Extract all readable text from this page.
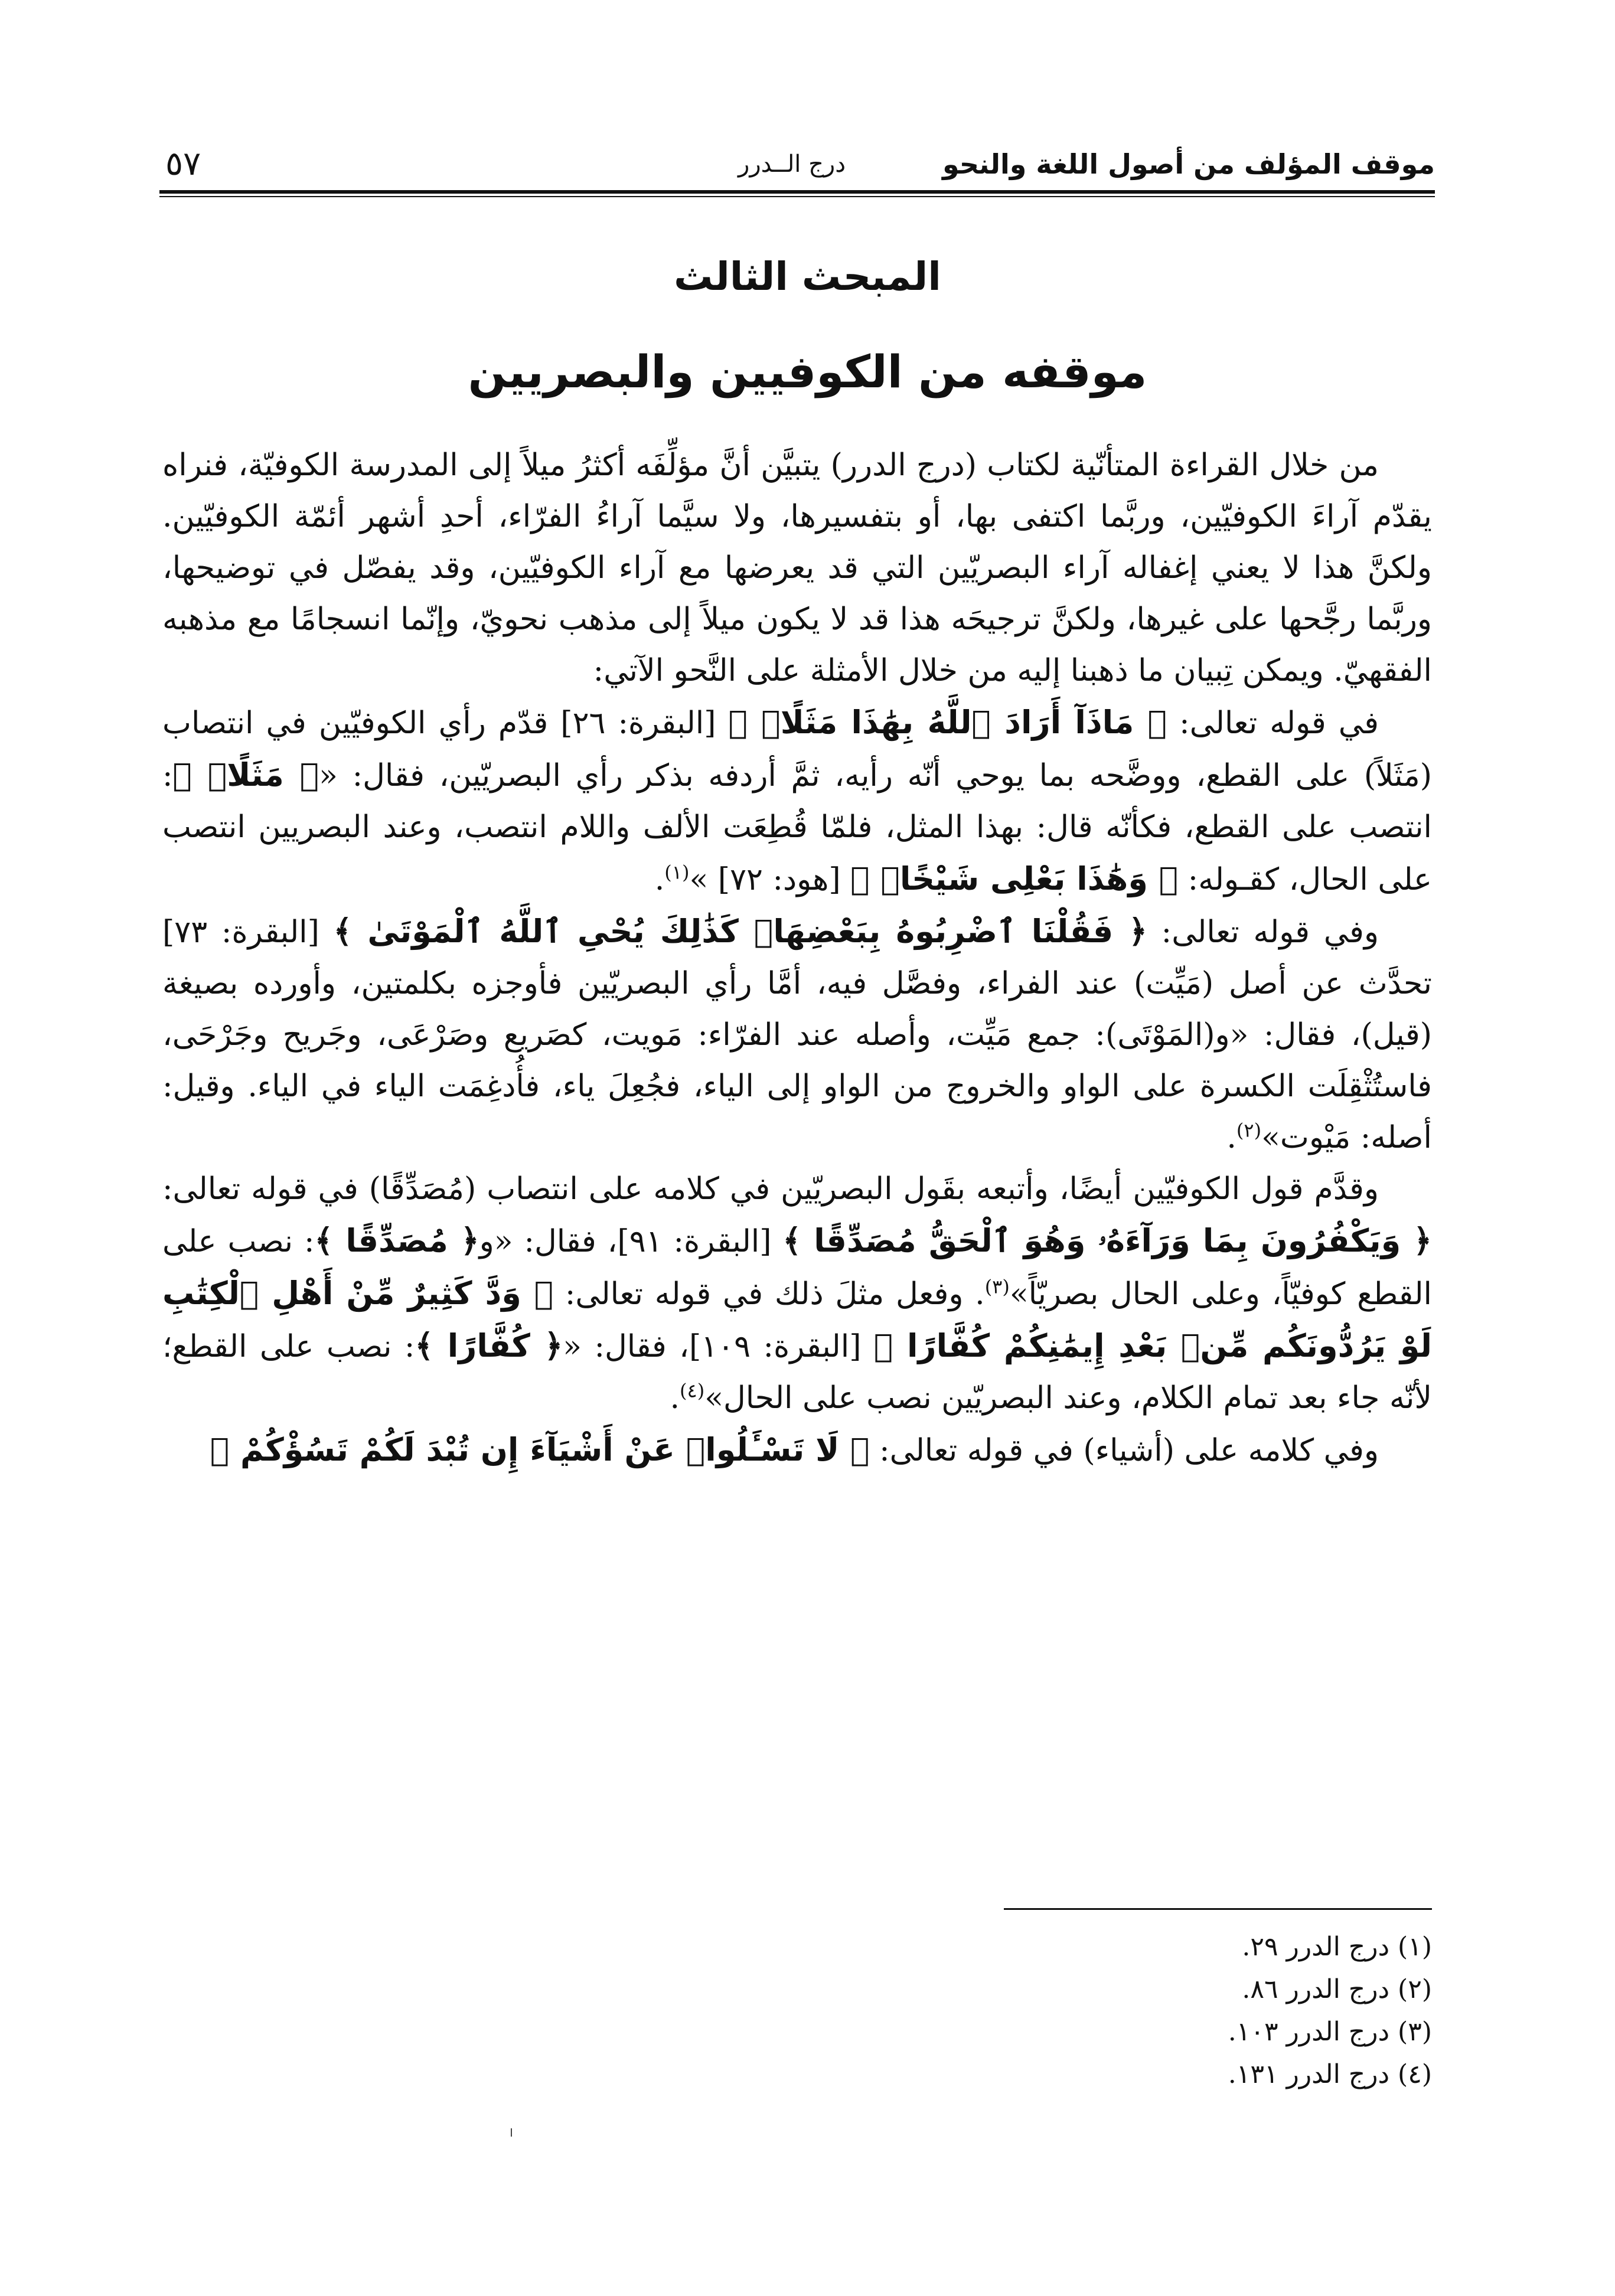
موقف المؤلف من أصول اللغة والنحو
درج الــدرر
٥٧
المبحث الثالث
موقفه من الكوفيين والبصريين

من خلال القراءة المتأنّية لكتاب (درج الدرر) يتبيَّن أنَّ مؤلِّفَه أكثرُ ميلاً إلى المدرسة الكوفيّة، فنراه يقدّم آراءَ الكوفيّين، وربَّما اكتفى بها، أو بتفسيرها، ولا سيَّما آراءُ الفرّاء، أحدِ أشهر أئمّة الكوفيّين. ولكنَّ هذا لا يعني إغفاله آراء البصريّين التي قد يعرضها مع آراء الكوفيّين، وقد يفصّل في توضيحها، وربَّما رجَّحها على غيرها، ولكنَّ ترجيحَه هذا قد لا يكون ميلاً إلى مذهب نحويّ، وإنّما انسجامًا مع مذهبه الفقهيّ. ويمكن تِبيان ما ذهبنا إليه من خلال الأمثلة على النَّحو الآتي:

في قوله تعالى: ﴿ مَاذَآ أَرَادَ ٱللَّهُ بِهَٰذَا مَثَلًاۘ ﴾ [البقرة: ٢٦] قدّم رأي الكوفيّين في انتصاب (مَثَلاً) على القطع، ووضَّحه بما يوحي أنّه رأيه، ثمَّ أردفه بذكر رأي البصريّين، فقال: «﴿ مَثَلًاۘ ﴾: انتصب على القطع، فكأنّه قال: بهذا المثل، فلمّا قُطِعَت الألف واللام انتصب، وعند البصريين انتصب على الحال، كقـوله: ﴿ وَهَٰذَا بَعْلِى شَيْخًاۖ ﴾ [هود: ٧٢] »$^{(١)}$.

وفي قوله تعالى: ﴿ فَقُلْنَا ٱضْرِبُوهُ بِبَعْضِهَاۚ كَذَٰلِكَ يُحْىِ ٱللَّهُ ٱلْمَوْتَىٰ ﴾ [البقرة: ٧٣] تحدَّث عن أصل (مَيِّت) عند الفراء، وفصَّل فيه، أمَّا رأي البصريّين فأوجزه بكلمتين، وأورده بصيغة (قيل)، فقال: «و(المَوْتَى): جمع مَيِّت، وأصله عند الفرّاء: مَويت، كصَريع وصَرْعَى، وجَريح وجَرْحَى، فاستُثْقِلَت الكسرة على الواو والخروج من الواو إلى الياء، فجُعِلَ ياء، فأُدغِمَت الياء في الياء. وقيل: أصله: مَيْوت»$^{(٢)}$.

وقدَّم قول الكوفيّين أيضًا، وأتبعه بقَول البصريّين في كلامه على انتصاب (مُصَدِّقًا) في قوله تعالى: ﴿ وَيَكْفُرُونَ بِمَا وَرَآءَهُۥ وَهُوَ ٱلْحَقُّ مُصَدِّقًا ﴾ [البقرة: ٩١]، فقال: «و﴿ مُصَدِّقًا ﴾: نصب على القطع كوفيّاً، وعلى الحال بصريّاً»$^{(٣)}$. وفعل مثلَ ذلك في قوله تعالى: ﴿ وَدَّ كَثِيرٌ مِّنْ أَهْلِ ٱلْكِتَٰبِ لَوْ يَرُدُّونَكُم مِّنۢ بَعْدِ إِيمَٰنِكُمْ كُفَّارًا ﴾ [البقرة: ١٠٩]، فقال: «﴿ كُفَّارًا ﴾: نصب على القطع؛ لأنّه جاء بعد تمام الكلام، وعند البصريّين نصب على الحال»$^{(٤)}$.

وفي كلامه على (أشياء) في قوله تعالى: ﴿ لَا تَسْـَٔلُوا۟ عَنْ أَشْيَآءَ إِن تُبْدَ لَكُمْ تَسُؤْكُمْ ﴾

(١) درج الدرر ٢٩.
(٢) درج الدرر ٨٦.
(٣) درج الدرر ١٠٣.
(٤) درج الدرر ١٣١.
